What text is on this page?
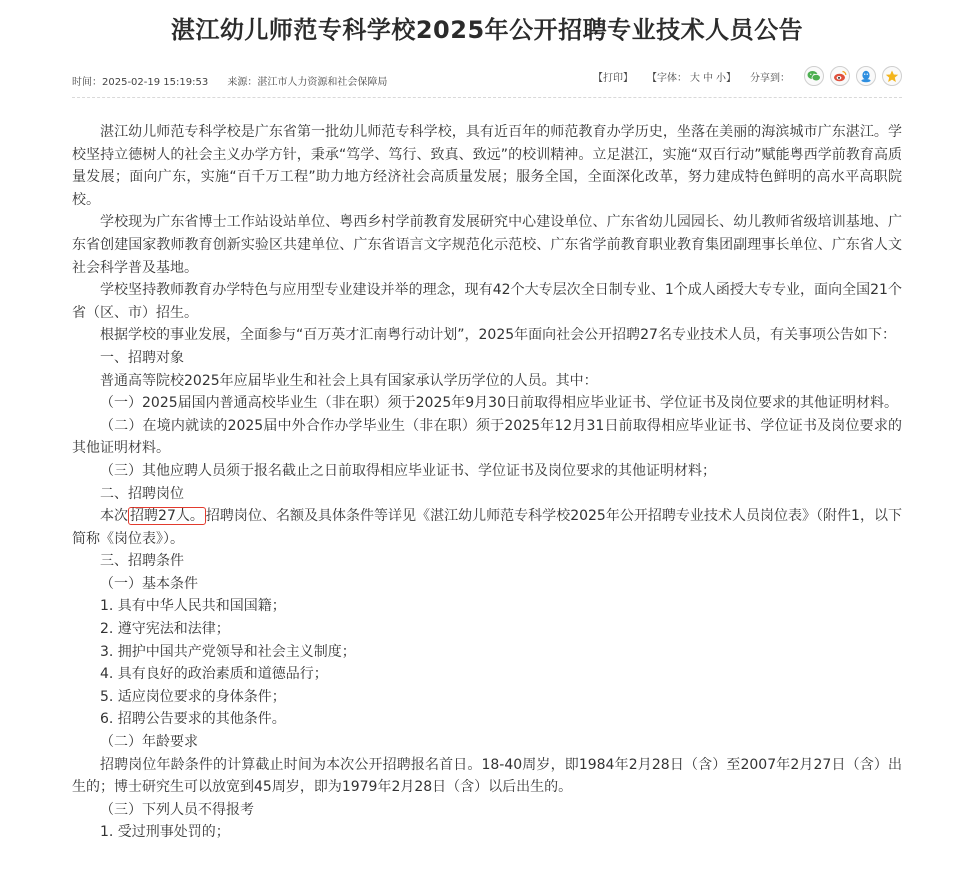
湛江幼儿师范专科学校2025年公开招聘专业技术人员公告
时间：2025-02-19 15:19:53 来源：湛江市人力资源和社会保障局	【打印】 【字体： 大 中 小】 分享到：

湛江幼儿师范专科学校是广东省第一批幼儿师范专科学校，具有近百年的师范教育办学历史，坐落在美丽的海滨城市广东湛江。学校坚持立德树人的社会主义办学方针，秉承“笃学、笃行、致真、致远”的校训精神。立足湛江，实施“双百行动”赋能粤西学前教育高质量发展；面向广东，实施“百千万工程”助力地方经济社会高质量发展；服务全国，全面深化改革，努力建成特色鲜明的高水平高职院校。

学校现为广东省博士工作站设站单位、粤西乡村学前教育发展研究中心建设单位、广东省幼儿园园长、幼儿教师省级培训基地、广东省创建国家教师教育创新实验区共建单位、广东省语言文字规范化示范校、广东省学前教育职业教育集团副理事长单位、广东省人文社会科学普及基地。

学校坚持教师教育办学特色与应用型专业建设并举的理念，现有42个大专层次全日制专业、1个成人函授大专专业，面向全国21个省（区、市）招生。

根据学校的事业发展，全面参与“百万英才汇南粤行动计划”，2025年面向社会公开招聘27名专业技术人员，有关事项公告如下：

一、招聘对象

普通高等院校2025年应届毕业生和社会上具有国家承认学历学位的人员。其中：

（一）2025届国内普通高校毕业生（非在职）须于2025年9月30日前取得相应毕业证书、学位证书及岗位要求的其他证明材料。

（二）在境内就读的2025届中外合作办学毕业生（非在职）须于2025年12月31日前取得相应毕业证书、学位证书及岗位要求的其他证明材料。

（三）其他应聘人员须于报名截止之日前取得相应毕业证书、学位证书及岗位要求的其他证明材料；

二、招聘岗位

本次 招聘27人。 招聘岗位、名额及具体条件等详见《湛江幼儿师范专科学校2025年公开招聘专业技术人员岗位表》（附件1，以下简称《岗位表》）。

三、招聘条件

（一）基本条件

1. 具有中华人民共和国国籍；

2. 遵守宪法和法律；

3. 拥护中国共产党领导和社会主义制度；

4. 具有良好的政治素质和道德品行；

5. 适应岗位要求的身体条件；

6. 招聘公告要求的其他条件。

（二）年龄要求

招聘岗位年龄条件的计算截止时间为本次公开招聘报名首日。18-40周岁，即1984年2月28日（含）至2007年2月27日（含）出生的；博士研究生可以放宽到45周岁，即为1979年2月28日（含）以后出生的。

（三）下列人员不得报考

1. 受过刑事处罚的；
